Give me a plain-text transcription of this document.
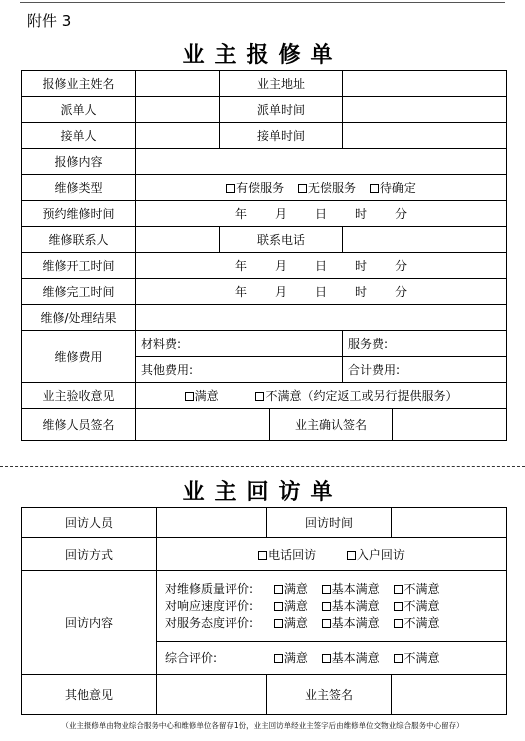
附件 3
业主报修单
报修业主姓名		业主地址			
派单人		派单时间			
接单人		接单时间			
报修内容					
维修类型	有偿服务 无偿服务 待确定				
预约维修时间	年 月 日 时 分				
维修联系人		联系电话			
维修开工时间	年 月 日 时 分				
维修完工时间	年 月 日 时 分				
维修/处理结果					
维修费用	材料费:			服务费:	
	其他费用:			合计费用:	
业主验收意见	满意 不满意（约定返工或另行提供服务）				
维修人员签名			业主确认签名		
业主回访单
回访人员		回访时间	
回访方式	电话回访 入户回访		
回访内容	对维修质量评价: 满意 基本满意 不满意
对响应速度评价: 满意 基本满意 不满意
对服务态度评价: 满意 基本满意 不满意		

	综合评价: 满意 基本满意 不满意		

其他意见		业主签名	
（业主报修单由物业综合服务中心和维修单位各留存1份，业主回访单经业主签字后由维修单位交物业综合服务中心留存）
